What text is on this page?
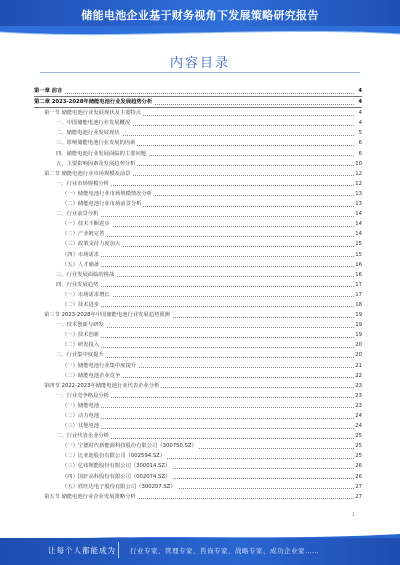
储能电池企业基于财务视角下发展策略研究报告
内容目录
第一章 前言	4
第二章 2023-2028年储能电池行业发展趋势分析	4
第一节 储能电池行业发展现状及主要特点	4
一、中国储能电池行业发展概况	4
二、储能电池行业发展现状	5
三、影响储能电池行业发展的因素	6
四、储能电池行业发展面临的主要问题	6
五、主要影响因素及发展趋势分析	10
第二节 储能电池行业市场规模及前景	12
一、行业市场规模分析	12
（一）储能电池行业市场规模情况分析	13
（二）储能电池行业市场前景分析	13
二、行业前景分析	14
（一）技术不断进步	14
（二）产业链完善	14
（三）政策支持力度加大	15
（四）市场需求	15
（五）人才储备	16
三、行业发展面临的挑战	16
四、行业发展趋势	17
（一）市场需求增长	17
（二）技术进步	18
第三节 2023-2028年中国储能电池行业发展趋势预测	19
一、技术创新与研发	19
（一）技术创新	19
（二）研发投入	20
二、行业集中度提升	20
（一）储能电池行业集中度提升	21
（二）储能电池企业竞争	22
第四节 2022-2023年储能电池行业代表企业分析	23
一、行业竞争格局分析	23
（一）储能电池	23
（二）动力电池	24
（三）其他电池	24
二、行业代表企业分析	25
（一）宁德时代新能源科技股份有限公司（300750.SZ）	25
（二）比亚迪股份有限公司（002594.SZ）	25
（三）亿纬锂能股份有限公司（300014.SZ）	26
（四）国轩高科股份有限公司（002074.SZ）	26
（五）欣旺达电子股份有限公司（300207.SZ）	27
第五节 储能电池行业企业发展策略分析	27
让每个人都能成为 行业专家、管理专家、咨询专家、战略专家、成功企业家……
1
